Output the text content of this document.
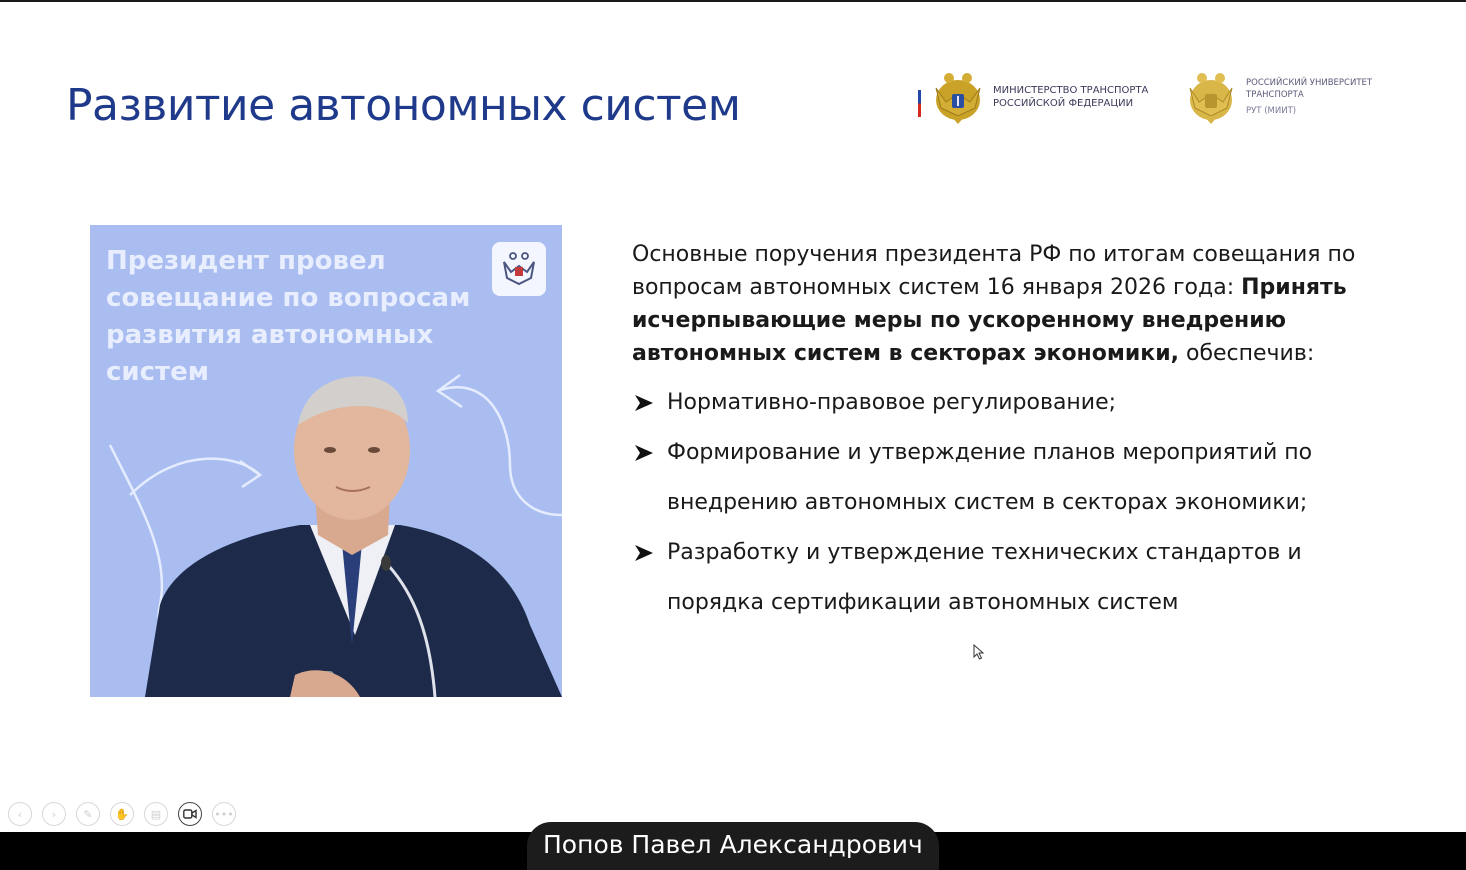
Развитие автономных систем	МИНИСТЕРСТВО ТРАНСПОРТА
РОССИЙСКОЙ ФЕДЕРАЦИИ
РОССИЙСКИЙ УНИВЕРСИТЕТ
ТРАНСПОРТА
РУТ (МИИТ)

Президент провел совещание по вопросам развития автономных систем

Основные поручения президента РФ по итогам совещания по вопросам автономных систем 16 января 2026 года: Принять исчерпывающие меры по ускоренному внедрению автономных систем в секторах экономики, обеспечив:

Нормативно-правовое регулирование;
Формирование и утверждение планов мероприятий по внедрению автономных систем в секторах экономики;
Разработку и утверждение технических стандартов и порядка сертификации автономных систем
‹	› ✎ ✋ ▤	•••
Попов Павел Александрович
